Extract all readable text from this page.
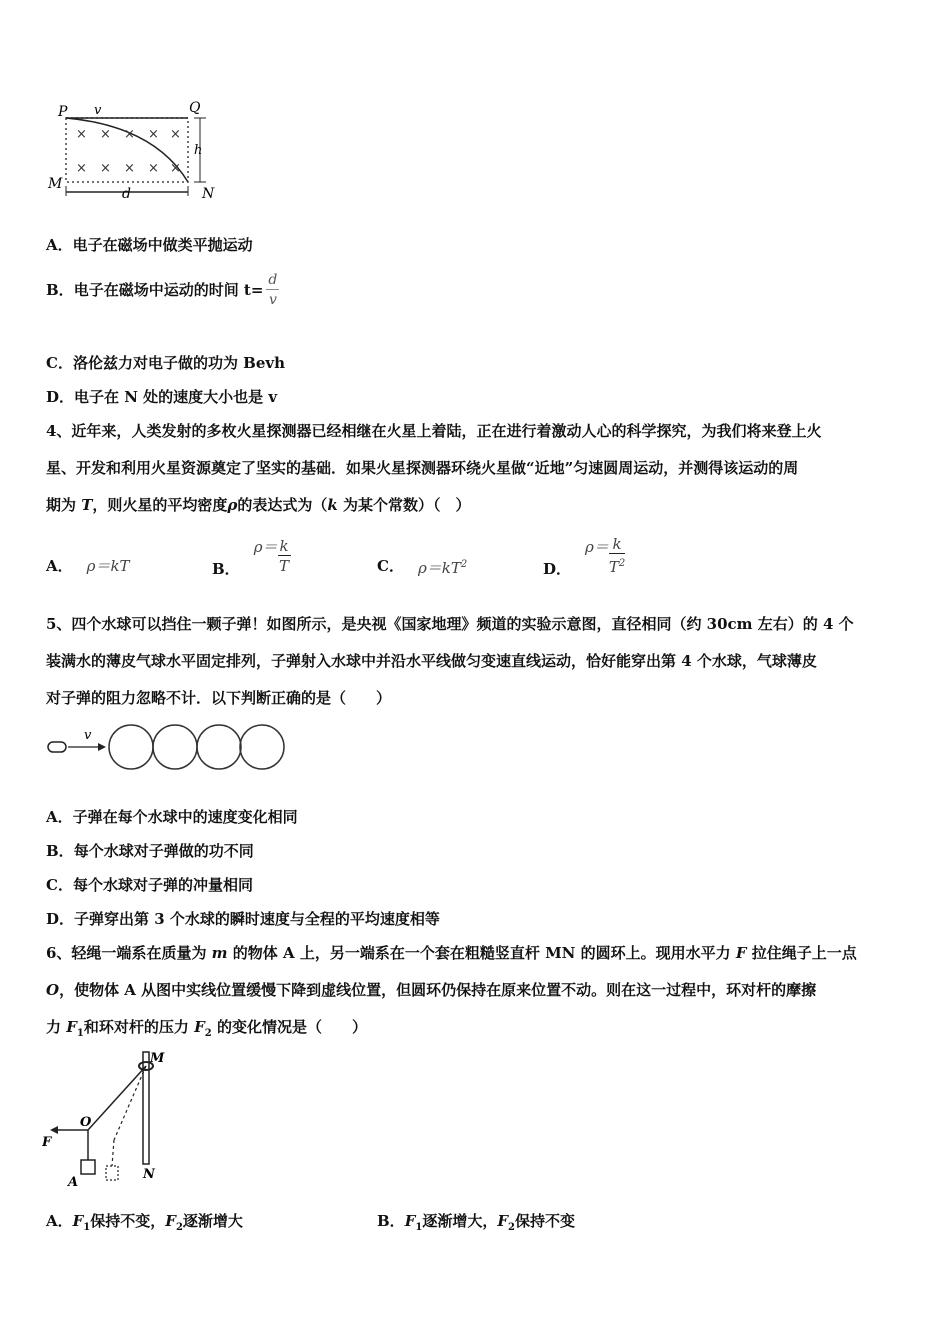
P v	Q
h
M
N
d
× × × × ×
× × × × ×
A．电子在磁场中做类平抛运动
B． 电子在磁场中运动的时间 $t= \frac{d}{v}$
C．洛伦兹力对电子做的功为 Bevh
D．电子在 N 处的速度大小也是 v
4、近年来，人类发射的多枚火星探测器已经相继在火星上着陆，正在进行着激动人心的科学探究，为我们将来登上火
星、开发和利用火星资源奠定了坚实的基础．如果火星探测器环绕火星做“近地”匀速圆周运动，并测得该运动的周
期为 T，则火星的平均密度ρ的表达式为（k 为某个常数）（　）
A． ρ＝kT	B．
$\rho= \frac{k}{T}$	C． $\rho=kT^2$	D．
$\rho= \frac{k}{T^2}$
5、四个水球可以挡住一颗子弹！如图所示，是央视《国家地理》频道的实验示意图，直径相同（约 30cm 左右）的 4 个
装满水的薄皮气球水平固定排列，子弹射入水球中并沿水平线做匀变速直线运动，恰好能穿出第 4 个水球，气球薄皮
对子弹的阻力忽略不计．以下判断正确的是（　　）
v
A．子弹在每个水球中的速度变化相同
B．每个水球对子弹做的功不同
C．每个水球对子弹的冲量相同
D．子弹穿出第 3 个水球的瞬时速度与全程的平均速度相等
6、轻绳一端系在质量为 m 的物体 A 上，另一端系在一个套在粗糙竖直杆 MN 的圆环上。现用水平力 F 拉住绳子上一点
O，使物体 A 从图中实线位置缓慢下降到虚线位置，但圆环仍保持在原来位置不动。则在这一过程中，环对杆的摩擦
力 $F_1$和环对杆的压力 $F_2$ 的变化情况是（　　）
M
O
F
A
N
A．$F_1$保持不变，$F_2$逐渐增大	B．$F_1$逐渐增大，$F_2$保持不变
